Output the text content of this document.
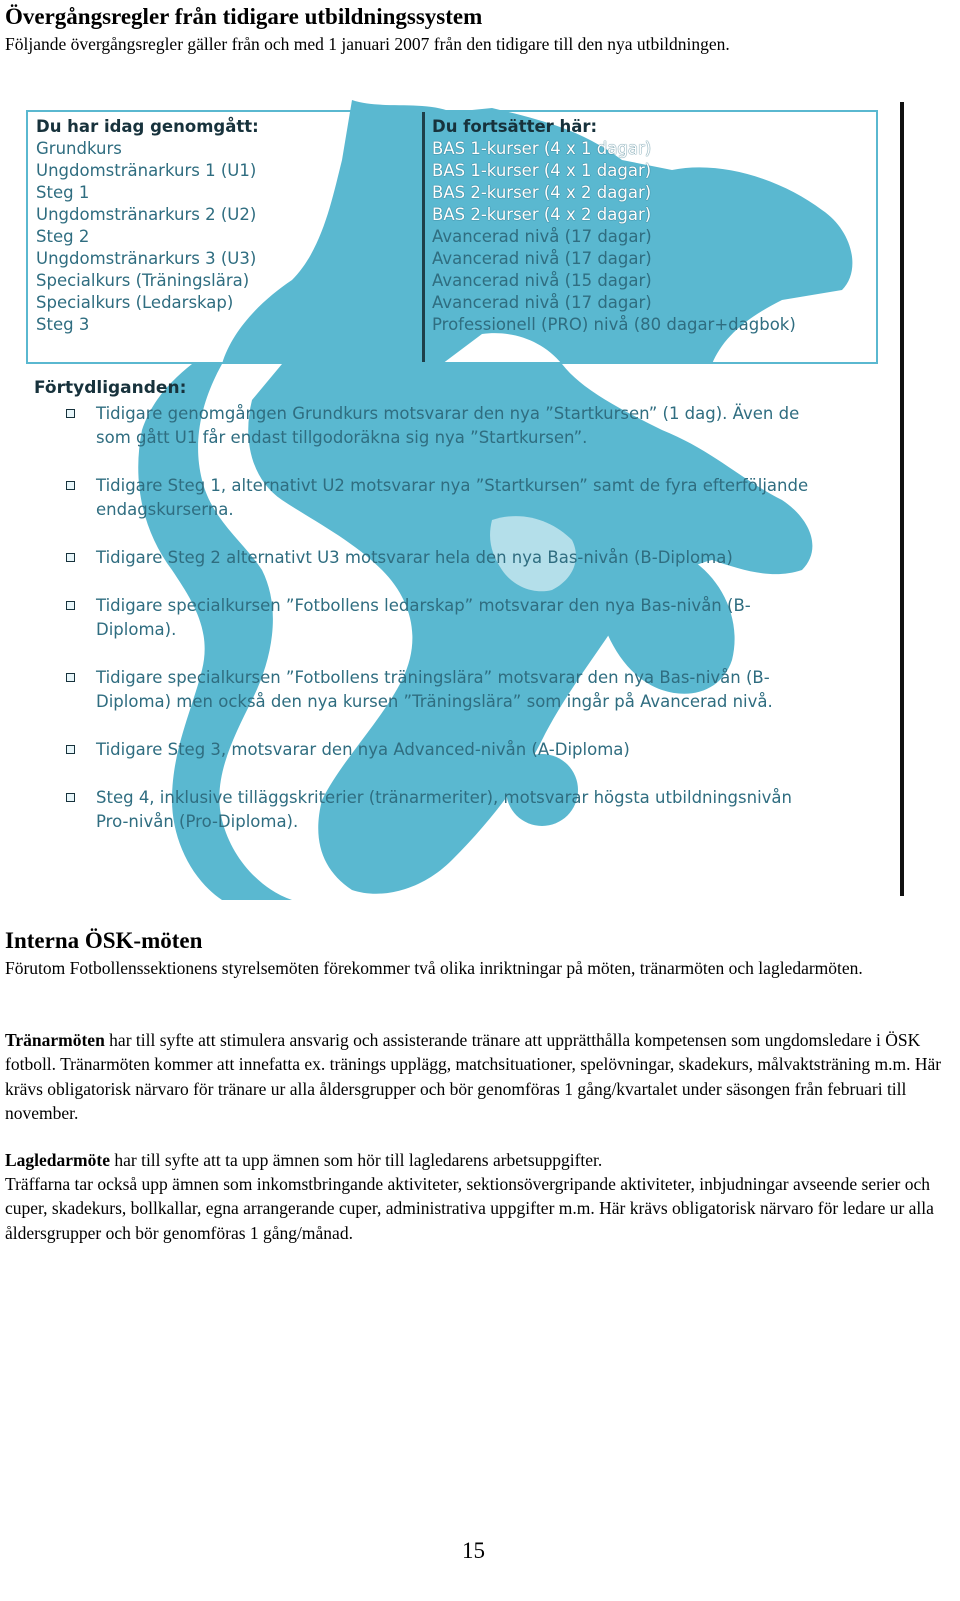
Övergångsregler från tidigare utbildningssystem

Följande övergångsregler gäller från och med 1 januari 2007 från den tidigare till den nya utbildningen.

Du har idag genomgått:
Grundkurs
Ungdomstränarkurs 1 (U1)
Steg 1
Ungdomstränarkurs 2 (U2)
Steg 2
Ungdomstränarkurs 3 (U3)
Specialkurs (Träningslära)
Specialkurs (Ledarskap)
Steg 3
Du fortsätter här:
BAS 1-kurser (4 x 1 dagar)
BAS 1-kurser (4 x 1 dagar)
BAS 2-kurser (4 x 2 dagar)
BAS 2-kurser (4 x 2 dagar)
Avancerad nivå (17 dagar)
Avancerad nivå (17 dagar)
Avancerad nivå (15 dagar)
Avancerad nivå (17 dagar)
Professionell (PRO) nivå (80 dagar+dagbok)
Förtydliganden:
Tidigare genomgången Grundkurs motsvarar den nya ”Startkursen” (1 dag). Även de som gått U1 får endast tillgodoräkna sig nya ”Startkursen”.
Tidigare Steg 1, alternativt U2 motsvarar nya ”Startkursen” samt de fyra efterföljande endagskurserna.
Tidigare Steg 2 alternativt U3 motsvarar hela den nya Bas-nivån (B-Diploma)
Tidigare specialkursen ”Fotbollens ledarskap” motsvarar den nya Bas-nivån (B-Diploma).
Tidigare specialkursen ”Fotbollens träningslära” motsvarar den nya Bas-nivån (B-Diploma) men också den nya kursen ”Träningslära” som ingår på Avancerad nivå.
Tidigare Steg 3, motsvarar den nya Advanced-nivån (A-Diploma)
Steg 4, inklusive tilläggskriterier (tränarmeriter), motsvarar högsta utbildningsnivån Pro-nivån (Pro-Diploma).
Interna ÖSK-möten

Förutom Fotbollenssektionens styrelsemöten förekommer två olika inriktningar på möten, tränarmöten och lagledarmöten.

Tränarmöten har till syfte att stimulera ansvarig och assisterande tränare att upprätthålla kompetensen som ungdomsledare i ÖSK fotboll. Tränarmöten kommer att innefatta ex. tränings upplägg, matchsituationer, spelövningar, skadekurs, målvaktsträning m.m. Här krävs obligatorisk närvaro för tränare ur alla åldersgrupper och bör genomföras 1 gång/kvartalet under säsongen från februari till november.

Lagledarmöte har till syfte att ta upp ämnen som hör till lagledarens arbetsuppgifter.

Träffarna tar också upp ämnen som inkomstbringande aktiviteter, sektionsövergripande aktiviteter, inbjudningar avseende serier och cuper, skadekurs, bollkallar, egna arrangerande cuper, administrativa uppgifter m.m. Här krävs obligatorisk närvaro för ledare ur alla åldersgrupper och bör genomföras 1 gång/månad.

15
